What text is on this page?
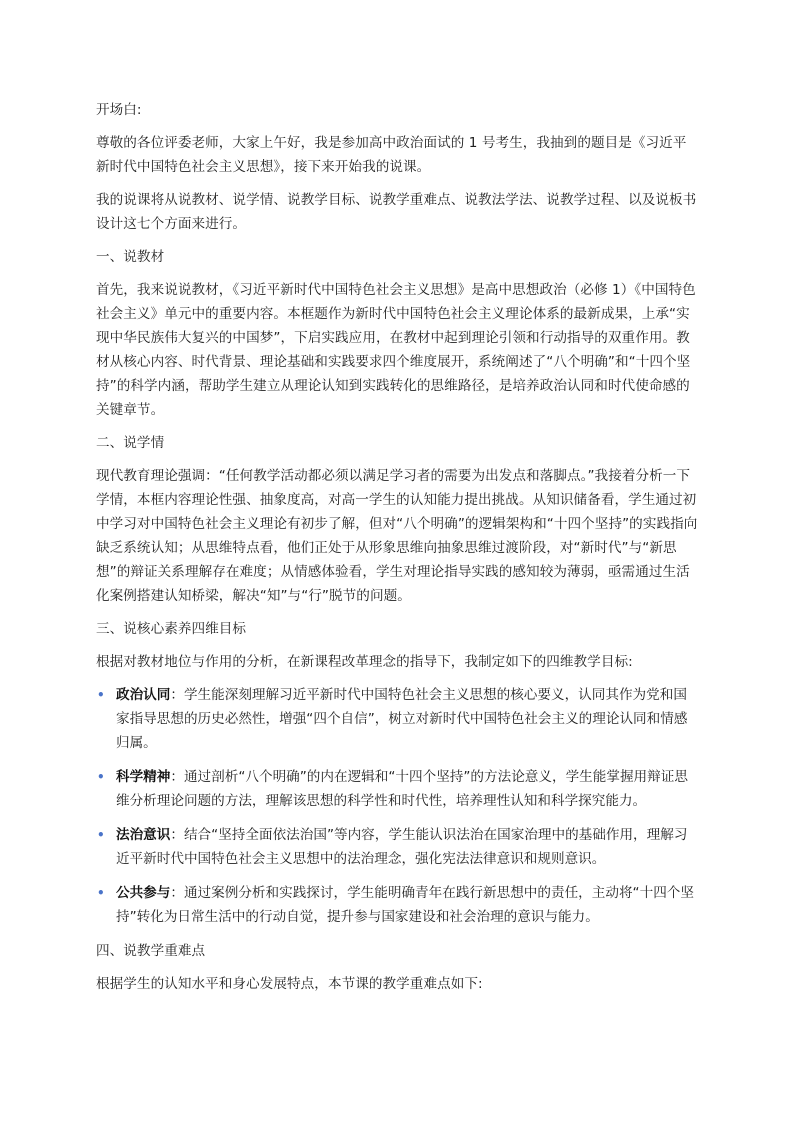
开场白:

尊敬的各位评委老师，大家上午好，我是参加高中政治面试的 1 号考生，我抽到的题目是《习近平新时代中国特色社会主义思想》，接下来开始我的说课。

我的说课将从说教材、说学情、说教学目标、说教学重难点、说教法学法、说教学过程、以及说板书设计这七个方面来进行。

一、说教材

首先，我来说说教材，《习近平新时代中国特色社会主义思想》是高中思想政治（必修 1）《中国特色社会主义》单元中的重要内容。本框题作为新时代中国特色社会主义理论体系的最新成果，上承“实现中华民族伟大复兴的中国梦”，下启实践应用，在教材中起到理论引领和行动指导的双重作用。教材从核心内容、时代背景、理论基础和实践要求四个维度展开，系统阐述了“八个明确”和“十四个坚持”的科学内涵，帮助学生建立从理论认知到实践转化的思维路径，是培养政治认同和时代使命感的关键章节。

二、说学情

现代教育理论强调：“任何教学活动都必须以满足学习者的需要为出发点和落脚点。”我接着分析一下学情，本框内容理论性强、抽象度高，对高一学生的认知能力提出挑战。从知识储备看，学生通过初中学习对中国特色社会主义理论有初步了解，但对“八个明确”的逻辑架构和“十四个坚持”的实践指向缺乏系统认知；从思维特点看，他们正处于从形象思维向抽象思维过渡阶段，对“新时代”与“新思想”的辩证关系理解存在难度；从情感体验看，学生对理论指导实践的感知较为薄弱，亟需通过生活化案例搭建认知桥梁，解决“知”与“行”脱节的问题。

三、说核心素养四维目标

根据对教材地位与作用的分析，在新课程改革理念的指导下，我制定如下的四维教学目标:

• 政治认同：学生能深刻理解习近平新时代中国特色社会主义思想的核心要义，认同其作为党和国家指导思想的历史必然性，增强“四个自信”，树立对新时代中国特色社会主义的理论认同和情感归属。
• 科学精神：通过剖析“八个明确”的内在逻辑和“十四个坚持”的方法论意义，学生能掌握用辩证思维分析理论问题的方法，理解该思想的科学性和时代性，培养理性认知和科学探究能力。
• 法治意识：结合“坚持全面依法治国”等内容，学生能认识法治在国家治理中的基础作用，理解习近平新时代中国特色社会主义思想中的法治理念，强化宪法法律意识和规则意识。
• 公共参与：通过案例分析和实践探讨，学生能明确青年在践行新思想中的责任，主动将“十四个坚持”转化为日常生活中的行动自觉，提升参与国家建设和社会治理的意识与能力。

四、说教学重难点

根据学生的认知水平和身心发展特点，本节课的教学重难点如下:
